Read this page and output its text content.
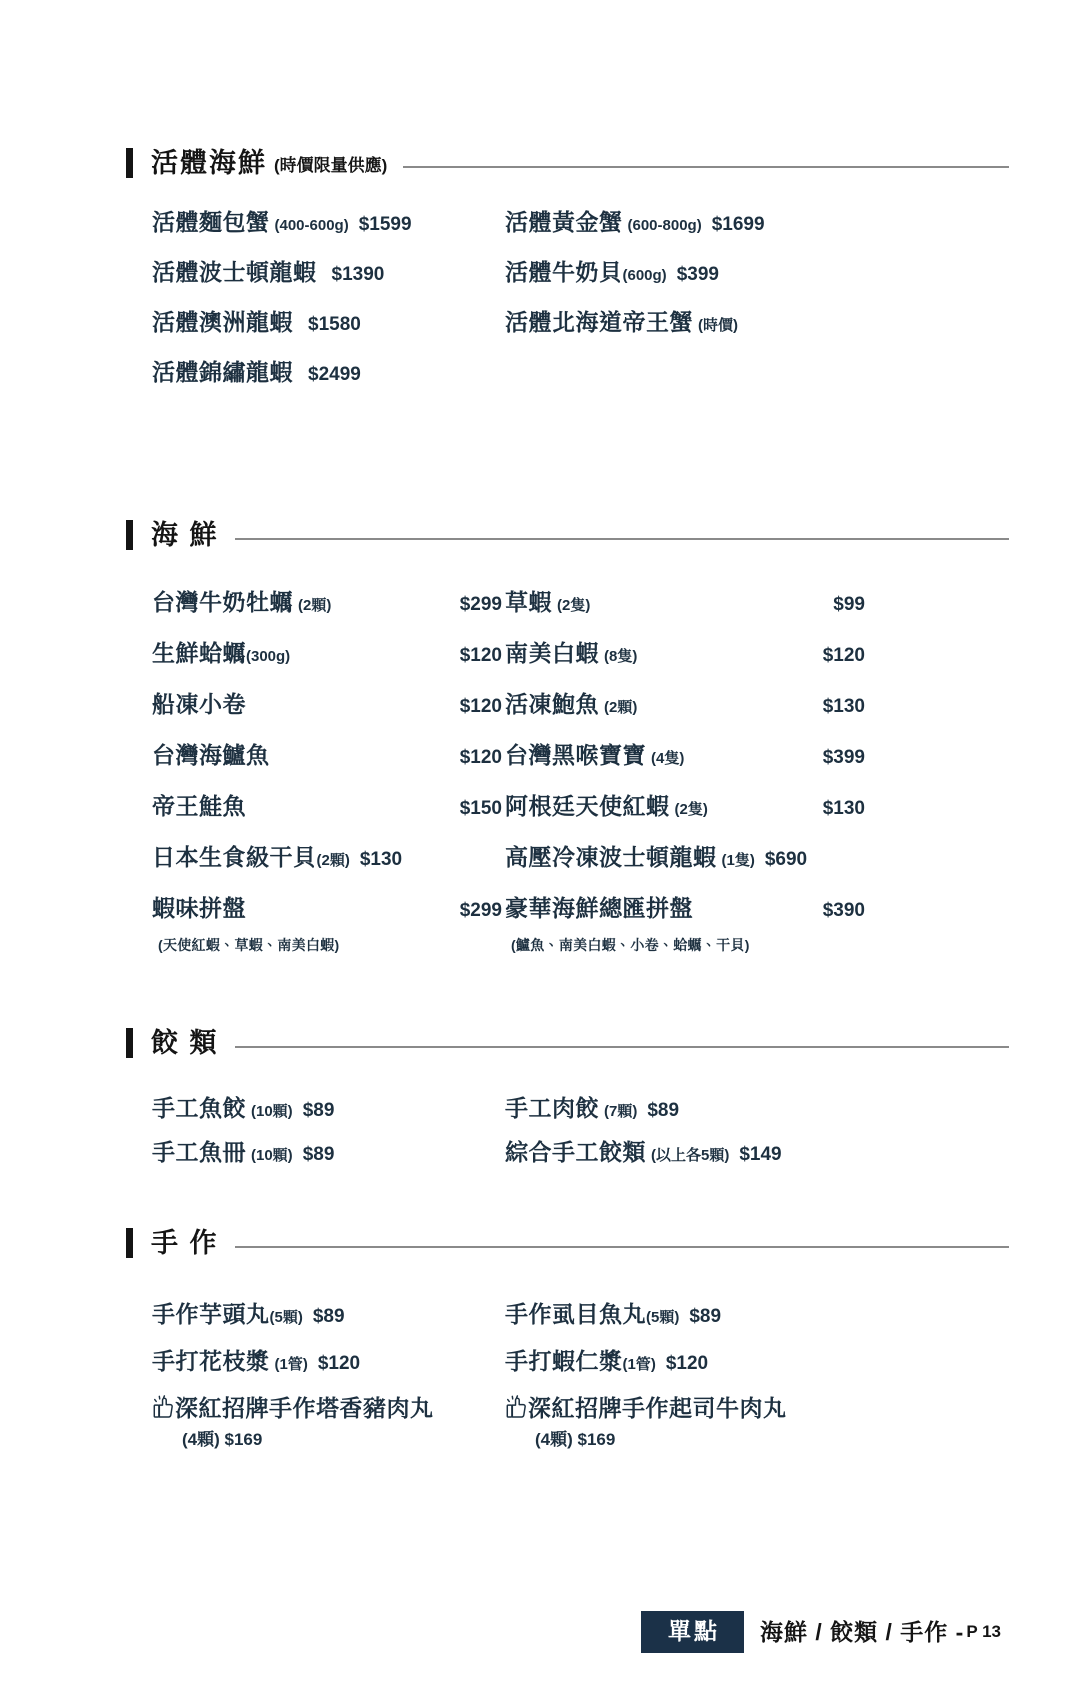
活體海鮮 (時價限量供應)
活體麵包蟹 (400-600g) $1599
活體波士頓龍蝦 $1390
活體澳洲龍蝦 $1580
活體錦繡龍蝦 $2499
活體黃金蟹 (600-800g) $1699
活體牛奶貝 (600g) $399
活體北海道帝王蟹 (時價)
海 鮮
台灣牛奶牡蠣 (2顆)	$299
生鮮蛤蠣 (300g)	$120
船凍小卷	$120
台灣海鱸魚	$120
帝王鮭魚	$150
日本生食級干貝 (2顆) $130
蝦味拼盤	$299
(天使紅蝦、草蝦、南美白蝦)
草蝦 (2隻)	$99
南美白蝦 (8隻)	$120
活凍鮑魚 (2顆)	$130
台灣黑喉寶寶 (4隻)	$399
阿根廷天使紅蝦 (2隻)	$130
高壓冷凍波士頓龍蝦 (1隻) $690
豪華海鮮總匯拼盤	$390
(鱸魚、南美白蝦、小卷、蛤蠣、干貝)
餃 類
手工魚餃 (10顆) $89
手工魚冊 (10顆) $89
手工肉餃 (7顆) $89
綜合手工餃類 (以上各5顆) $149
手 作
手作芋頭丸 (5顆) $89
手打花枝漿 (1管) $120
深紅招牌手作塔香豬肉丸
(4顆) $169
手作虱目魚丸 (5顆) $89
手打蝦仁漿 (1管) $120
深紅招牌手作起司牛肉丸
(4顆) $169
單點	海鮮 / 餃類 / 手作 - P 13
